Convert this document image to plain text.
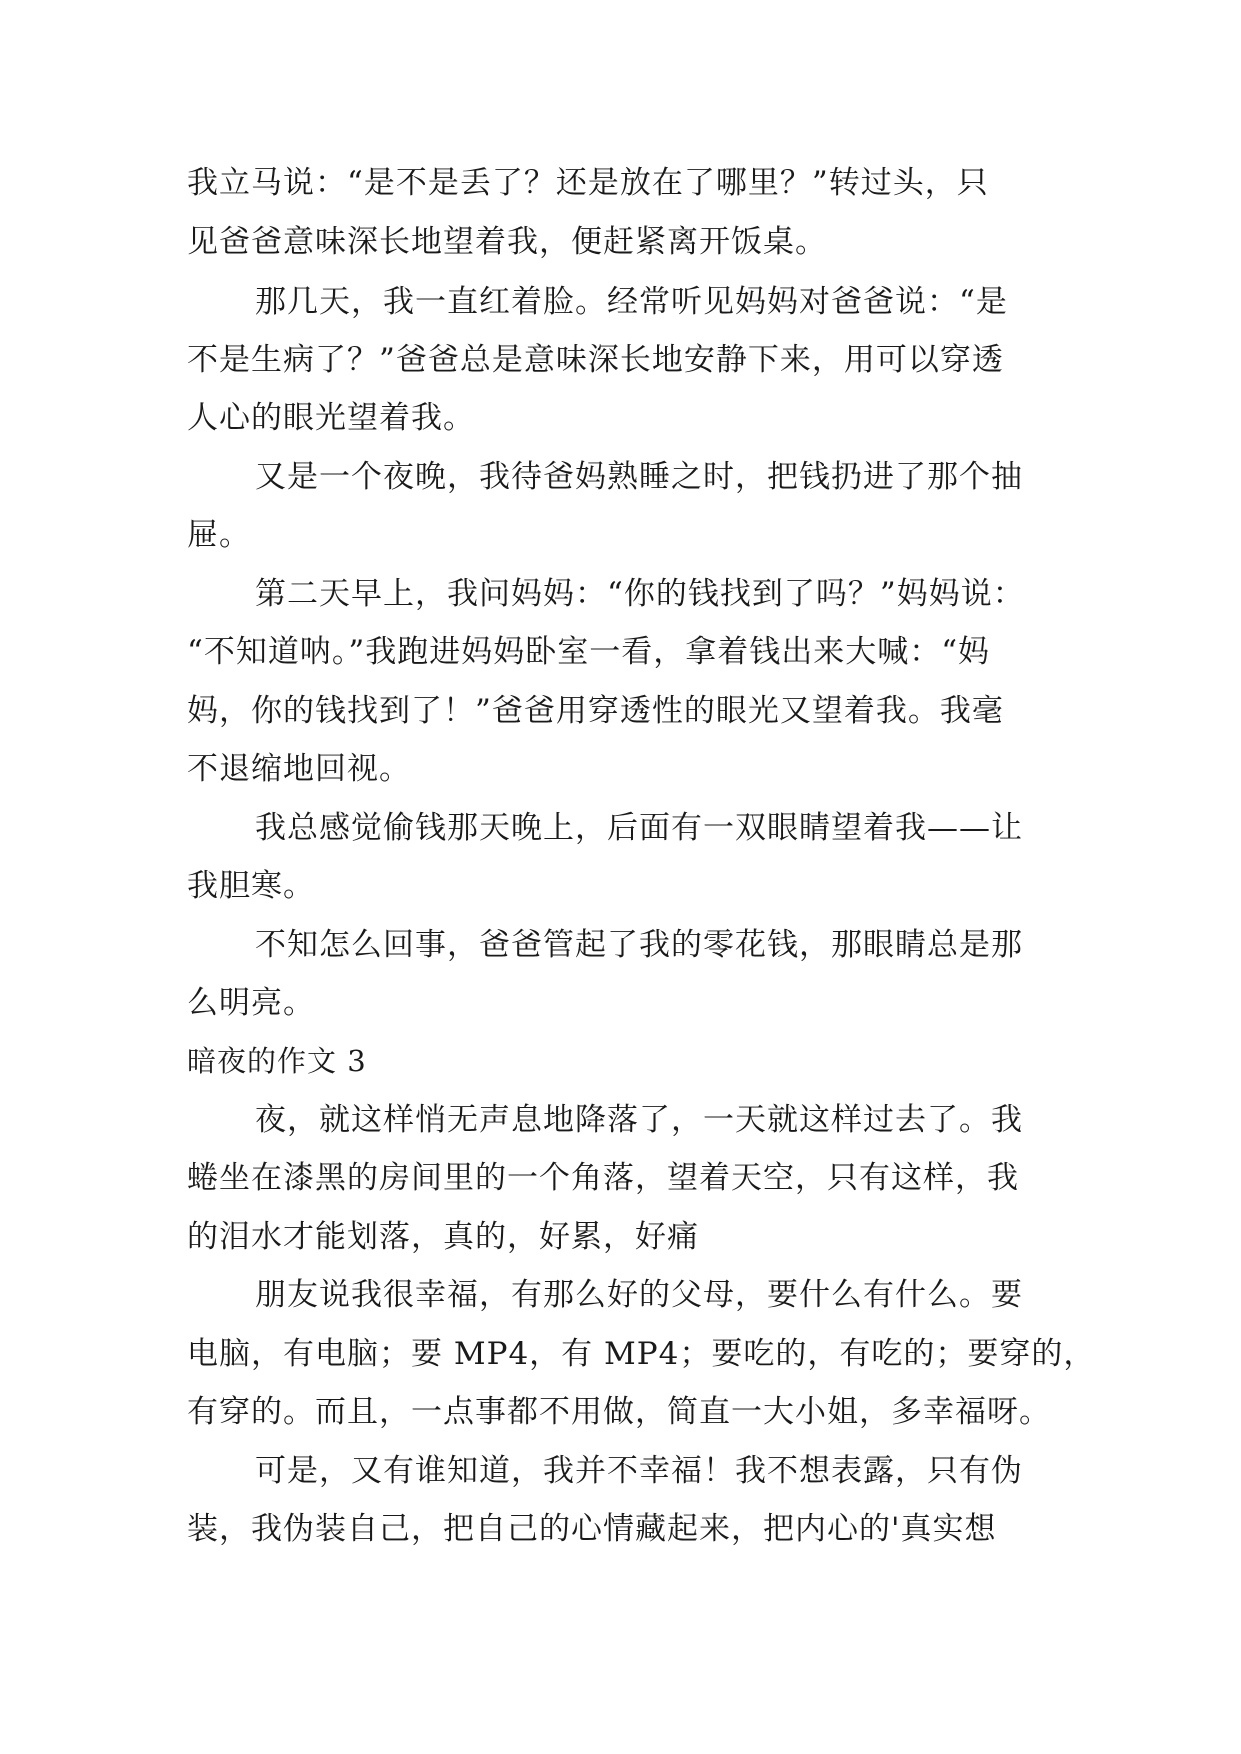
我立马说：“是不是丢了？还是放在了哪里？”转过头，只
见爸爸意味深长地望着我，便赶紧离开饭桌。
那几天，我一直红着脸。经常听见妈妈对爸爸说：“是
不是生病了？”爸爸总是意味深长地安静下来，用可以穿透
人心的眼光望着我。
又是一个夜晚，我待爸妈熟睡之时，把钱扔进了那个抽
屉。
第二天早上，我问妈妈：“你的钱找到了吗？”妈妈说：
“不知道呐。”我跑进妈妈卧室一看，拿着钱出来大喊：“妈
妈，你的钱找到了！”爸爸用穿透性的眼光又望着我。我毫
不退缩地回视。
我总感觉偷钱那天晚上，后面有一双眼睛望着我——让
我胆寒。
不知怎么回事，爸爸管起了我的零花钱，那眼睛总是那
么明亮。
暗夜的作文 3
夜，就这样悄无声息地降落了，一天就这样过去了。我
蜷坐在漆黑的房间里的一个角落，望着天空，只有这样，我
的泪水才能划落，真的，好累，好痛
朋友说我很幸福，有那么好的父母，要什么有什么。要
电脑，有电脑；要 MP4，有 MP4；要吃的，有吃的；要穿的，
有穿的。而且，一点事都不用做，简直一大小姐，多幸福呀。
可是，又有谁知道，我并不幸福！我不想表露，只有伪
装，我伪装自己，把自己的心情藏起来，把内心的'真实想
